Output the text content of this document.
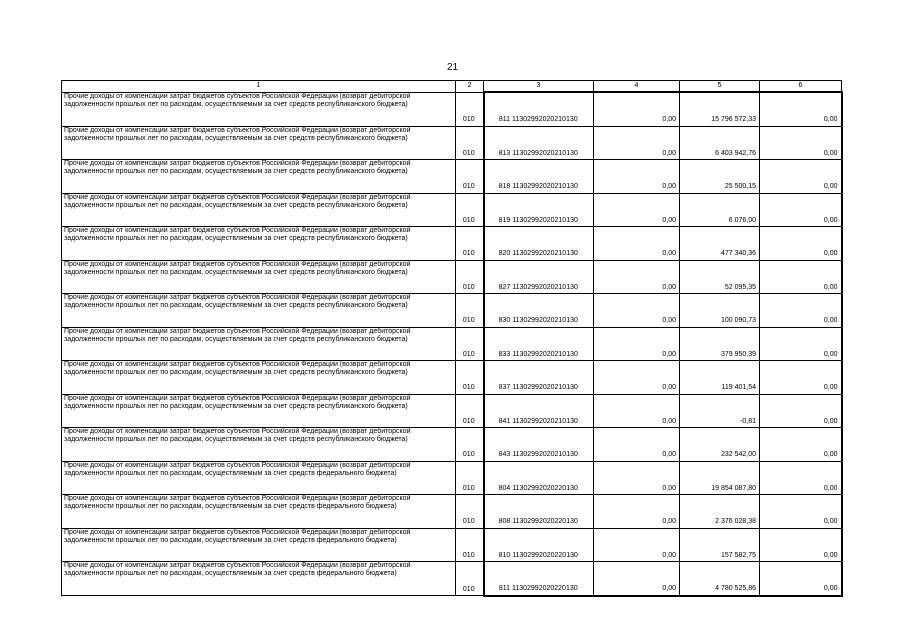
21
1	2	3	4	5	6
Прочие доходы от компенсации затрат бюджетов субъектов Российской Федерации (возврат дебиторской задолженности прошлых лет по расходам, осуществляемым за счет средств республиканского бюджета)	010	811 11302992020210130	0,00	15 796 572,33	0,00
Прочие доходы от компенсации затрат бюджетов субъектов Российской Федерации (возврат дебиторской задолженности прошлых лет по расходам, осуществляемым за счет средств республиканского бюджета)	010	813 11302992020210130	0,00	6 403 942,76	0,00
Прочие доходы от компенсации затрат бюджетов субъектов Российской Федерации (возврат дебиторской задолженности прошлых лет по расходам, осуществляемым за счет средств республиканского бюджета)	010	818 11302992020210130	0,00	25 500,15	0,00
Прочие доходы от компенсации затрат бюджетов субъектов Российской Федерации (возврат дебиторской задолженности прошлых лет по расходам, осуществляемым за счет средств республиканского бюджета)	010	819 11302992020210130	0,00	6 076,00	0,00
Прочие доходы от компенсации затрат бюджетов субъектов Российской Федерации (возврат дебиторской задолженности прошлых лет по расходам, осуществляемым за счет средств республиканского бюджета)	010	820 11302992020210130	0,00	477 340,36	0,00
Прочие доходы от компенсации затрат бюджетов субъектов Российской Федерации (возврат дебиторской задолженности прошлых лет по расходам, осуществляемым за счет средств республиканского бюджета)	010	827 11302992020210130	0,00	52 095,35	0,00
Прочие доходы от компенсации затрат бюджетов субъектов Российской Федерации (возврат дебиторской задолженности прошлых лет по расходам, осуществляемым за счет средств республиканского бюджета)	010	830 11302992020210130	0,00	100 090,73	0,00
Прочие доходы от компенсации затрат бюджетов субъектов Российской Федерации (возврат дебиторской задолженности прошлых лет по расходам, осуществляемым за счет средств республиканского бюджета)	010	833 11302992020210130	0,00	379 950,39	0,00
Прочие доходы от компенсации затрат бюджетов субъектов Российской Федерации (возврат дебиторской задолженности прошлых лет по расходам, осуществляемым за счет средств республиканского бюджета)	010	837 11302992020210130	0,00	119 401,54	0,00
Прочие доходы от компенсации затрат бюджетов субъектов Российской Федерации (возврат дебиторской задолженности прошлых лет по расходам, осуществляемым за счет средств республиканского бюджета)	010	841 11302992020210130	0,00	-0,81	0,00
Прочие доходы от компенсации затрат бюджетов субъектов Российской Федерации (возврат дебиторской задолженности прошлых лет по расходам, осуществляемым за счет средств республиканского бюджета)	010	843 11302992020210130	0,00	232 542,00	0,00
Прочие доходы от компенсации затрат бюджетов субъектов Российской Федерации (возврат дебиторской задолженности прошлых лет по расходам, осуществляемым за счет средств федерального бюджета)	010	804 11302992020220130	0,00	19 854 087,80	0,00
Прочие доходы от компенсации затрат бюджетов субъектов Российской Федерации (возврат дебиторской задолженности прошлых лет по расходам, осуществляемым за счет средств федерального бюджета)	010	808 11302992020220130	0,00	2 376 028,38	0,00
Прочие доходы от компенсации затрат бюджетов субъектов Российской Федерации (возврат дебиторской задолженности прошлых лет по расходам, осуществляемым за счет средств федерального бюджета)	010	810 11302992020220130	0,00	157 582,75	0,00
Прочие доходы от компенсации затрат бюджетов субъектов Российской Федерации (возврат дебиторской задолженности прошлых лет по расходам, осуществляемым за счет средств федерального бюджета)	010	811 11302992020220130	0,00	4 780 525,86	0,00
